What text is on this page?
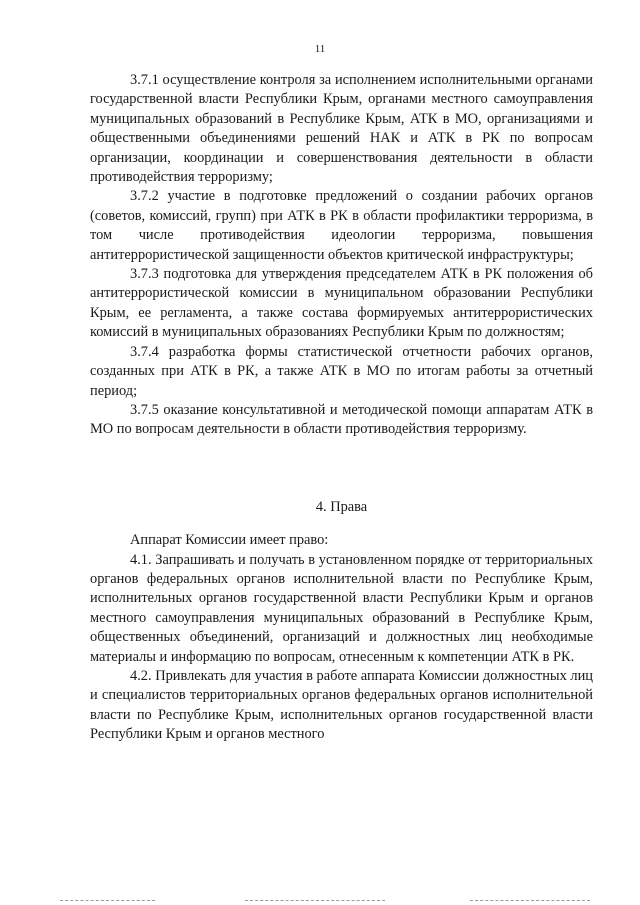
11

3.7.1 осуществление контроля за исполнением исполнительными органами государственной власти Республики Крым, органами местного самоуправления муниципальных образований в Республике Крым, АТК в МО, организациями и общественными объединениями решений НАК и АТК в РК по вопросам организации, координации и совершенствования деятельности в области противодействия терроризму;

3.7.2 участие в подготовке предложений о создании рабочих органов (советов, комиссий, групп) при АТК в РК в области профилактики терроризма, в том числе противодействия идеологии терроризма, повышения антитеррористической защищенности объектов критической инфраструктуры;

3.7.3 подготовка для утверждения председателем АТК в РК положения об антитеррористической комиссии в муниципальном образовании Республики Крым, ее регламента, а также состава формируемых антитеррористических комиссий в муниципальных образованиях Республики Крым по должностям;

3.7.4 разработка формы статистической отчетности рабочих органов, созданных при АТК в РК, а также АТК в МО по итогам работы за отчетный период;

3.7.5 оказание консультативной и методической помощи аппаратам АТК в МО по вопросам деятельности в области противодействия терроризму.

4. Права

Аппарат Комиссии имеет право:

4.1. Запрашивать и получать в установленном порядке от территориальных органов федеральных органов исполнительной власти по Республике Крым, исполнительных органов государственной власти Республики Крым и органов местного самоуправления муниципальных образований в Республике Крым, общественных объединений, организаций и должностных лиц необходимые материалы и информацию по вопросам, отнесенным к компетенции АТК в РК.

4.2. Привлекать для участия в работе аппарата Комиссии должностных лиц и специалистов территориальных органов федеральных органов исполнительной власти по Республике Крым, исполнительных органов государственной власти Республики Крым и органов местного
